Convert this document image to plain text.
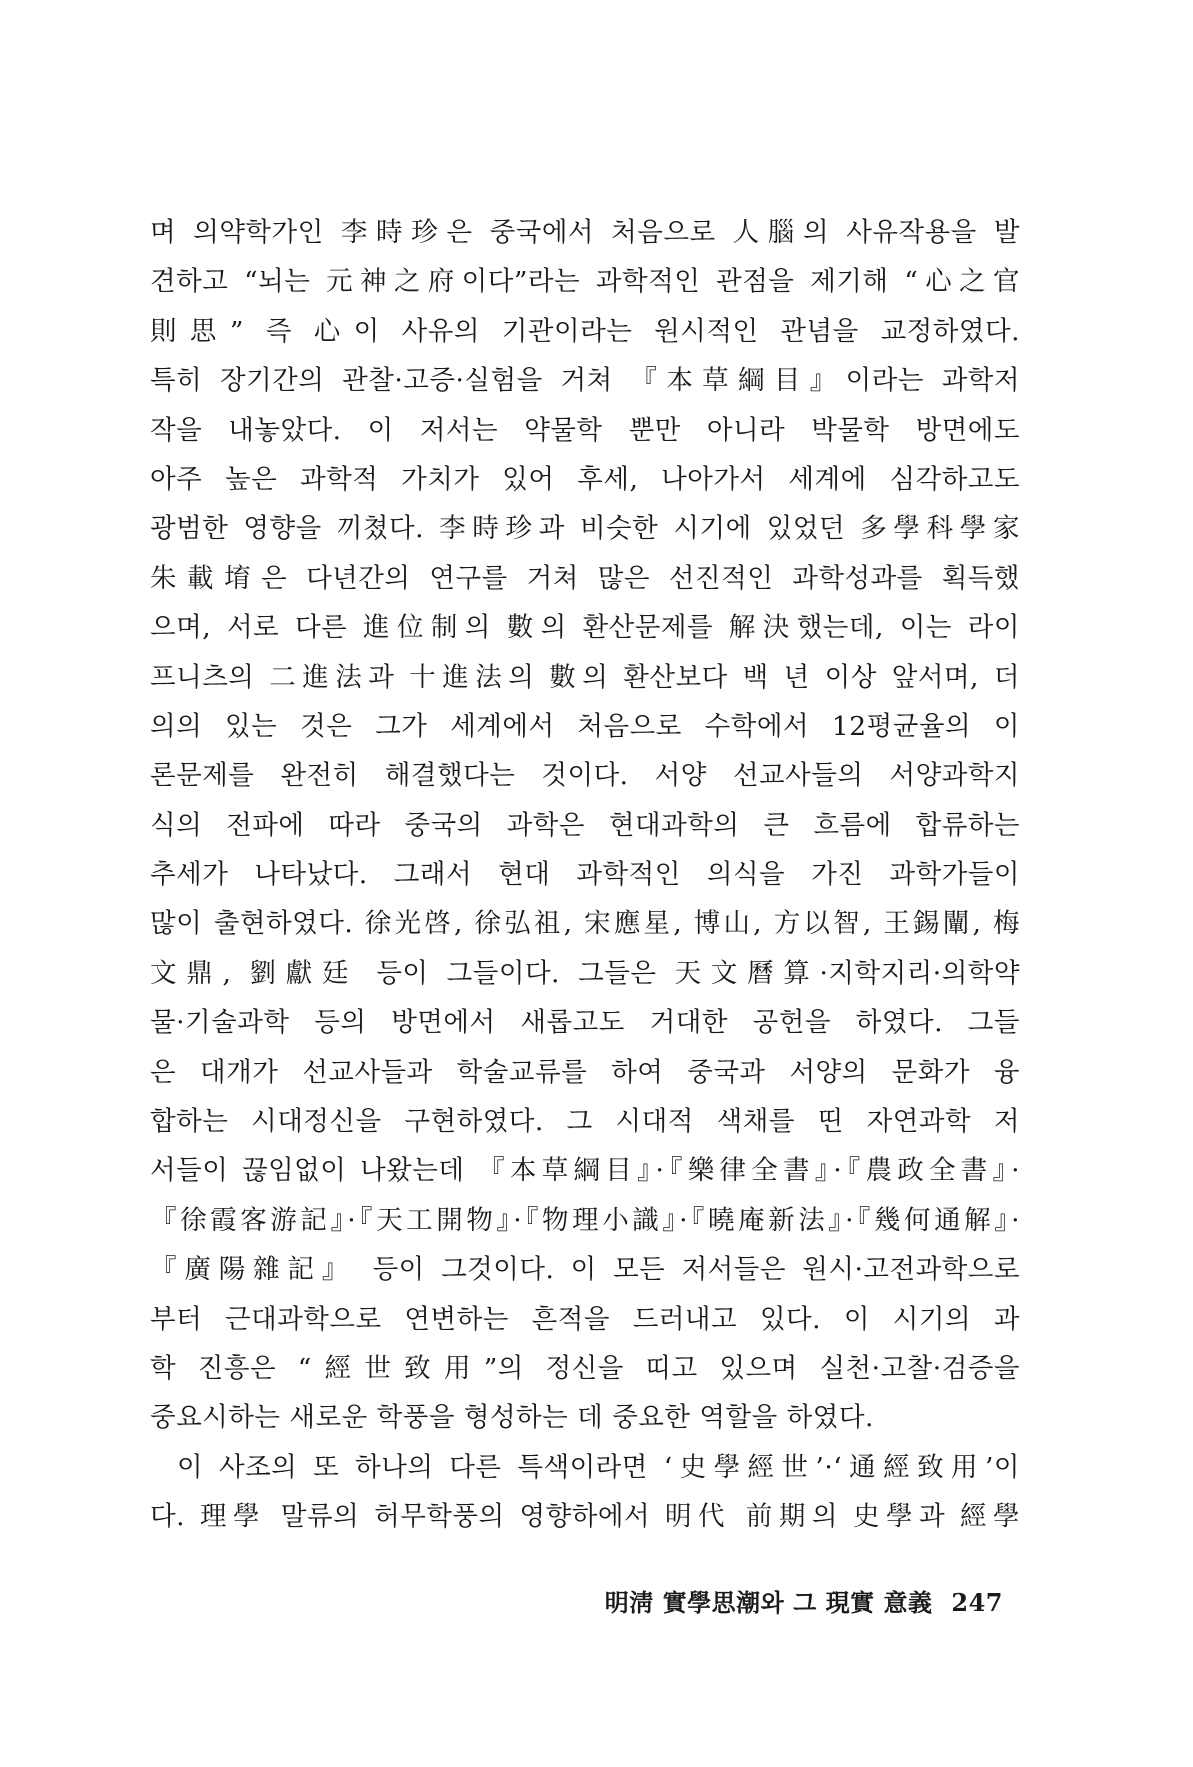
며 의약학가인 李時珍은 중국에서 처음으로 人腦의 사유작용을 발
견하고 “뇌는 元神之府이다”라는 과학적인 관점을 제기해 “心之官
則思” 즉 心이 사유의 기관이라는 원시적인 관념을 교정하였다.
특히 장기간의 관찰·고증·실험을 거쳐 『本草綱目』이라는 과학저
작을 내놓았다. 이 저서는 약물학 뿐만 아니라 박물학 방면에도
아주 높은 과학적 가치가 있어 후세, 나아가서 세계에 심각하고도
광범한 영향을 끼쳤다. 李時珍과 비슷한 시기에 있었던 多學科學家
朱載堉은 다년간의 연구를 거쳐 많은 선진적인 과학성과를 획득했
으며, 서로 다른 進位制의 數의 환산문제를 解決했는데, 이는 라이
프니츠의 二進法과 十進法의 數의 환산보다 백 년 이상 앞서며, 더
의의 있는 것은 그가 세계에서 처음으로 수학에서 12평균율의 이
론문제를 완전히 해결했다는 것이다. 서양 선교사들의 서양과학지
식의 전파에 따라 중국의 과학은 현대과학의 큰 흐름에 합류하는
추세가 나타났다. 그래서 현대 과학적인 의식을 가진 과학가들이
많이 출현하였다. 徐光啓, 徐弘祖, 宋應星, 博山, 方以智, 王錫闡, 梅
文鼎, 劉獻廷 등이 그들이다. 그들은 天文曆算·지학지리·의학약
물·기술과학 등의 방면에서 새롭고도 거대한 공헌을 하였다. 그들
은 대개가 선교사들과 학술교류를 하여 중국과 서양의 문화가 융
합하는 시대정신을 구현하였다. 그 시대적 색채를 띤 자연과학 저
서들이 끊임없이 나왔는데 『本草綱目』·『樂律全書』·『農政全書』·
『徐霞客游記』·『天工開物』·『物理小識』·『曉庵新法』·『幾何通解』·
『廣陽雜記』 등이 그것이다. 이 모든 저서들은 원시·고전과학으로
부터 근대과학으로 연변하는 흔적을 드러내고 있다. 이 시기의 과
학 진흥은 “經世致用”의 정신을 띠고 있으며 실천·고찰·검증을
중요시하는 새로운 학풍을 형성하는 데 중요한 역할을 하였다.
이 사조의 또 하나의 다른 특색이라면 ‘史學經世’·‘通經致用’이
다. 理學 말류의 허무학풍의 영향하에서 明代 前期의 史學과 經學
明淸 實學思潮와 그 現實 意義 247
